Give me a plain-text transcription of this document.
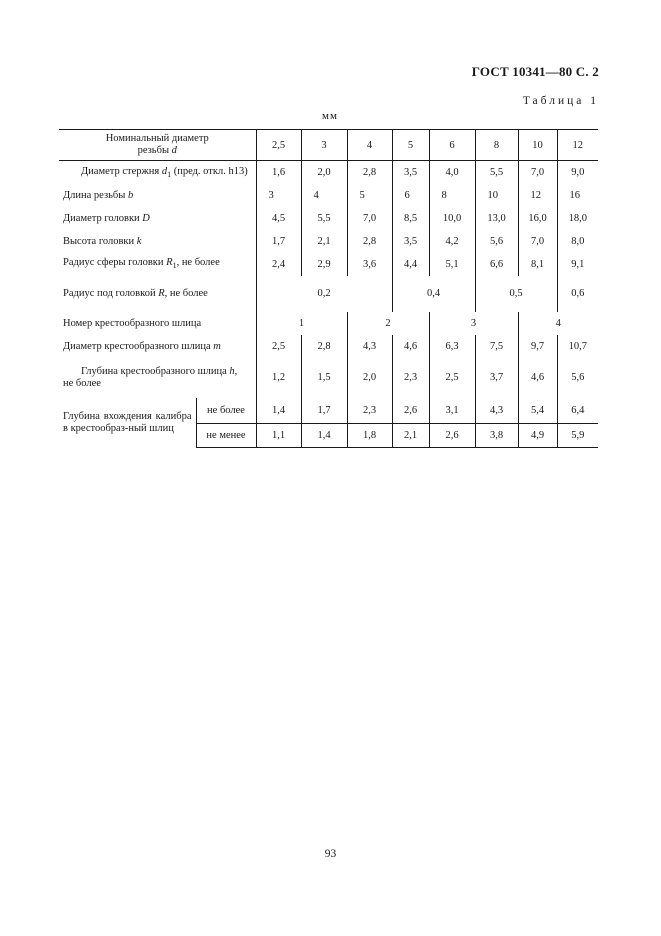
ГОСТ 10341—80 С. 2
Таблица 1
мм
Номинальный диаметр
резьбы d		2,5	3	4	5	6	8	10	12
Диаметр стержня $d_1$ (пред. откл. h13)		1,6	2,0	2,8	3,5	4,0	5,5	7,0	9,0
Длина резьбы b		3	4	5	6	8	10	12	16
Диаметр головки D		4,5	5,5	7,0	8,5	10,0	13,0	16,0	18,0
Высота головки k		1,7	2,1	2,8	3,5	4,2	5,6	7,0	8,0
Радиус сферы головки $R_1$, не более		2,4	2,9	3,6	4,4	5,1	6,6	8,1	9,1
Радиус под головкой R, не более		0,2			0,4		0,5		0,6
Номер крестообразного шлица		1		2		3		4	
Диаметр крестообразного шлица m		2,5	2,8	4,3	4,6	6,3	7,5	9,7	10,7
Глубина крестообразного шлица h,
не более		1,2	1,5	2,0	2,3	2,5	3,7	4,6	5,6
Глубина вхождения калибра в крестообраз-ный шлиц	не более	1,4	1,7	2,3	2,6	3,1	4,3	5,4	6,4
	не менее	1,1	1,4	1,8	2,1	2,6	3,8	4,9	5,9
93
